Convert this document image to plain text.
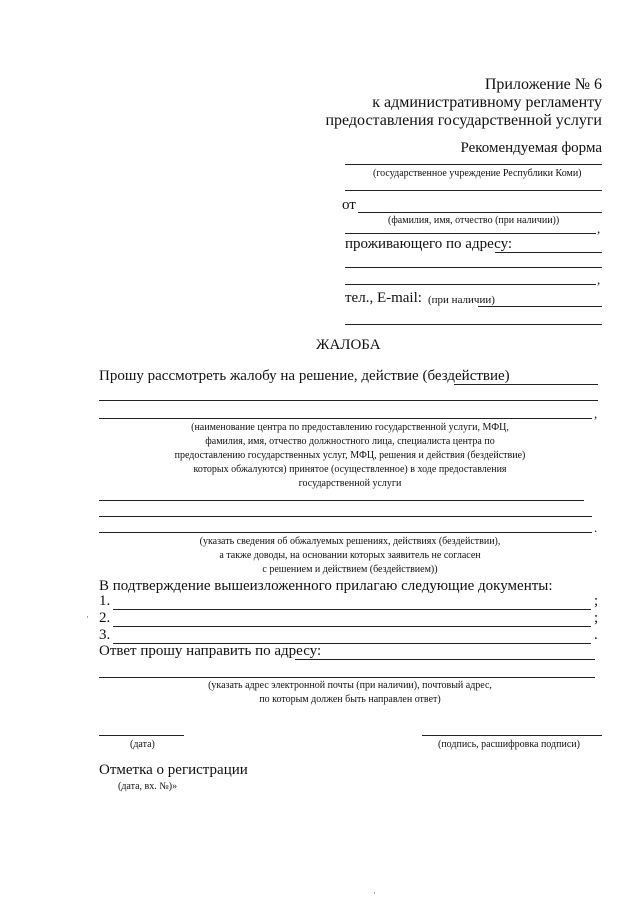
Приложение № 6
к административному регламенту
предоставления государственной услуги
Рекомендуемая форма
(государственное учреждение Республики Коми)
от
(фамилия, имя, отчество (при наличии))
,
проживающего по адресу:
,
тел., E-mail: (при наличии)
ЖАЛОБА
Прошу рассмотреть жалобу на решение, действие (бездействие)
,
(наименование центра по предоставлению государственной услуги, МФЦ,
фамилия, имя, отчество должностного лица, специалиста центра по
предоставлению государственных услуг, МФЦ, решения и действия (бездействие)
которых обжалуются) принятое (осуществленное) в ходе предоставления
государственной услуги
.
(указать сведения об обжалуемых решениях, действиях (бездействии),
а также доводы, на основании которых заявитель не согласен
с решением и действием (бездействием))
В подтверждение вышеизложенного прилагаю следующие документы:
1.	;
2.	;
3.	.
Ответ прошу направить по адресу:
(указать адрес электронной почты (при наличии), почтовый адрес,
по которым должен быть направлен ответ)
(дата)	(подпись, расшифровка подписи)
Отметка о регистрации
(дата, вх. №)»
·
·
